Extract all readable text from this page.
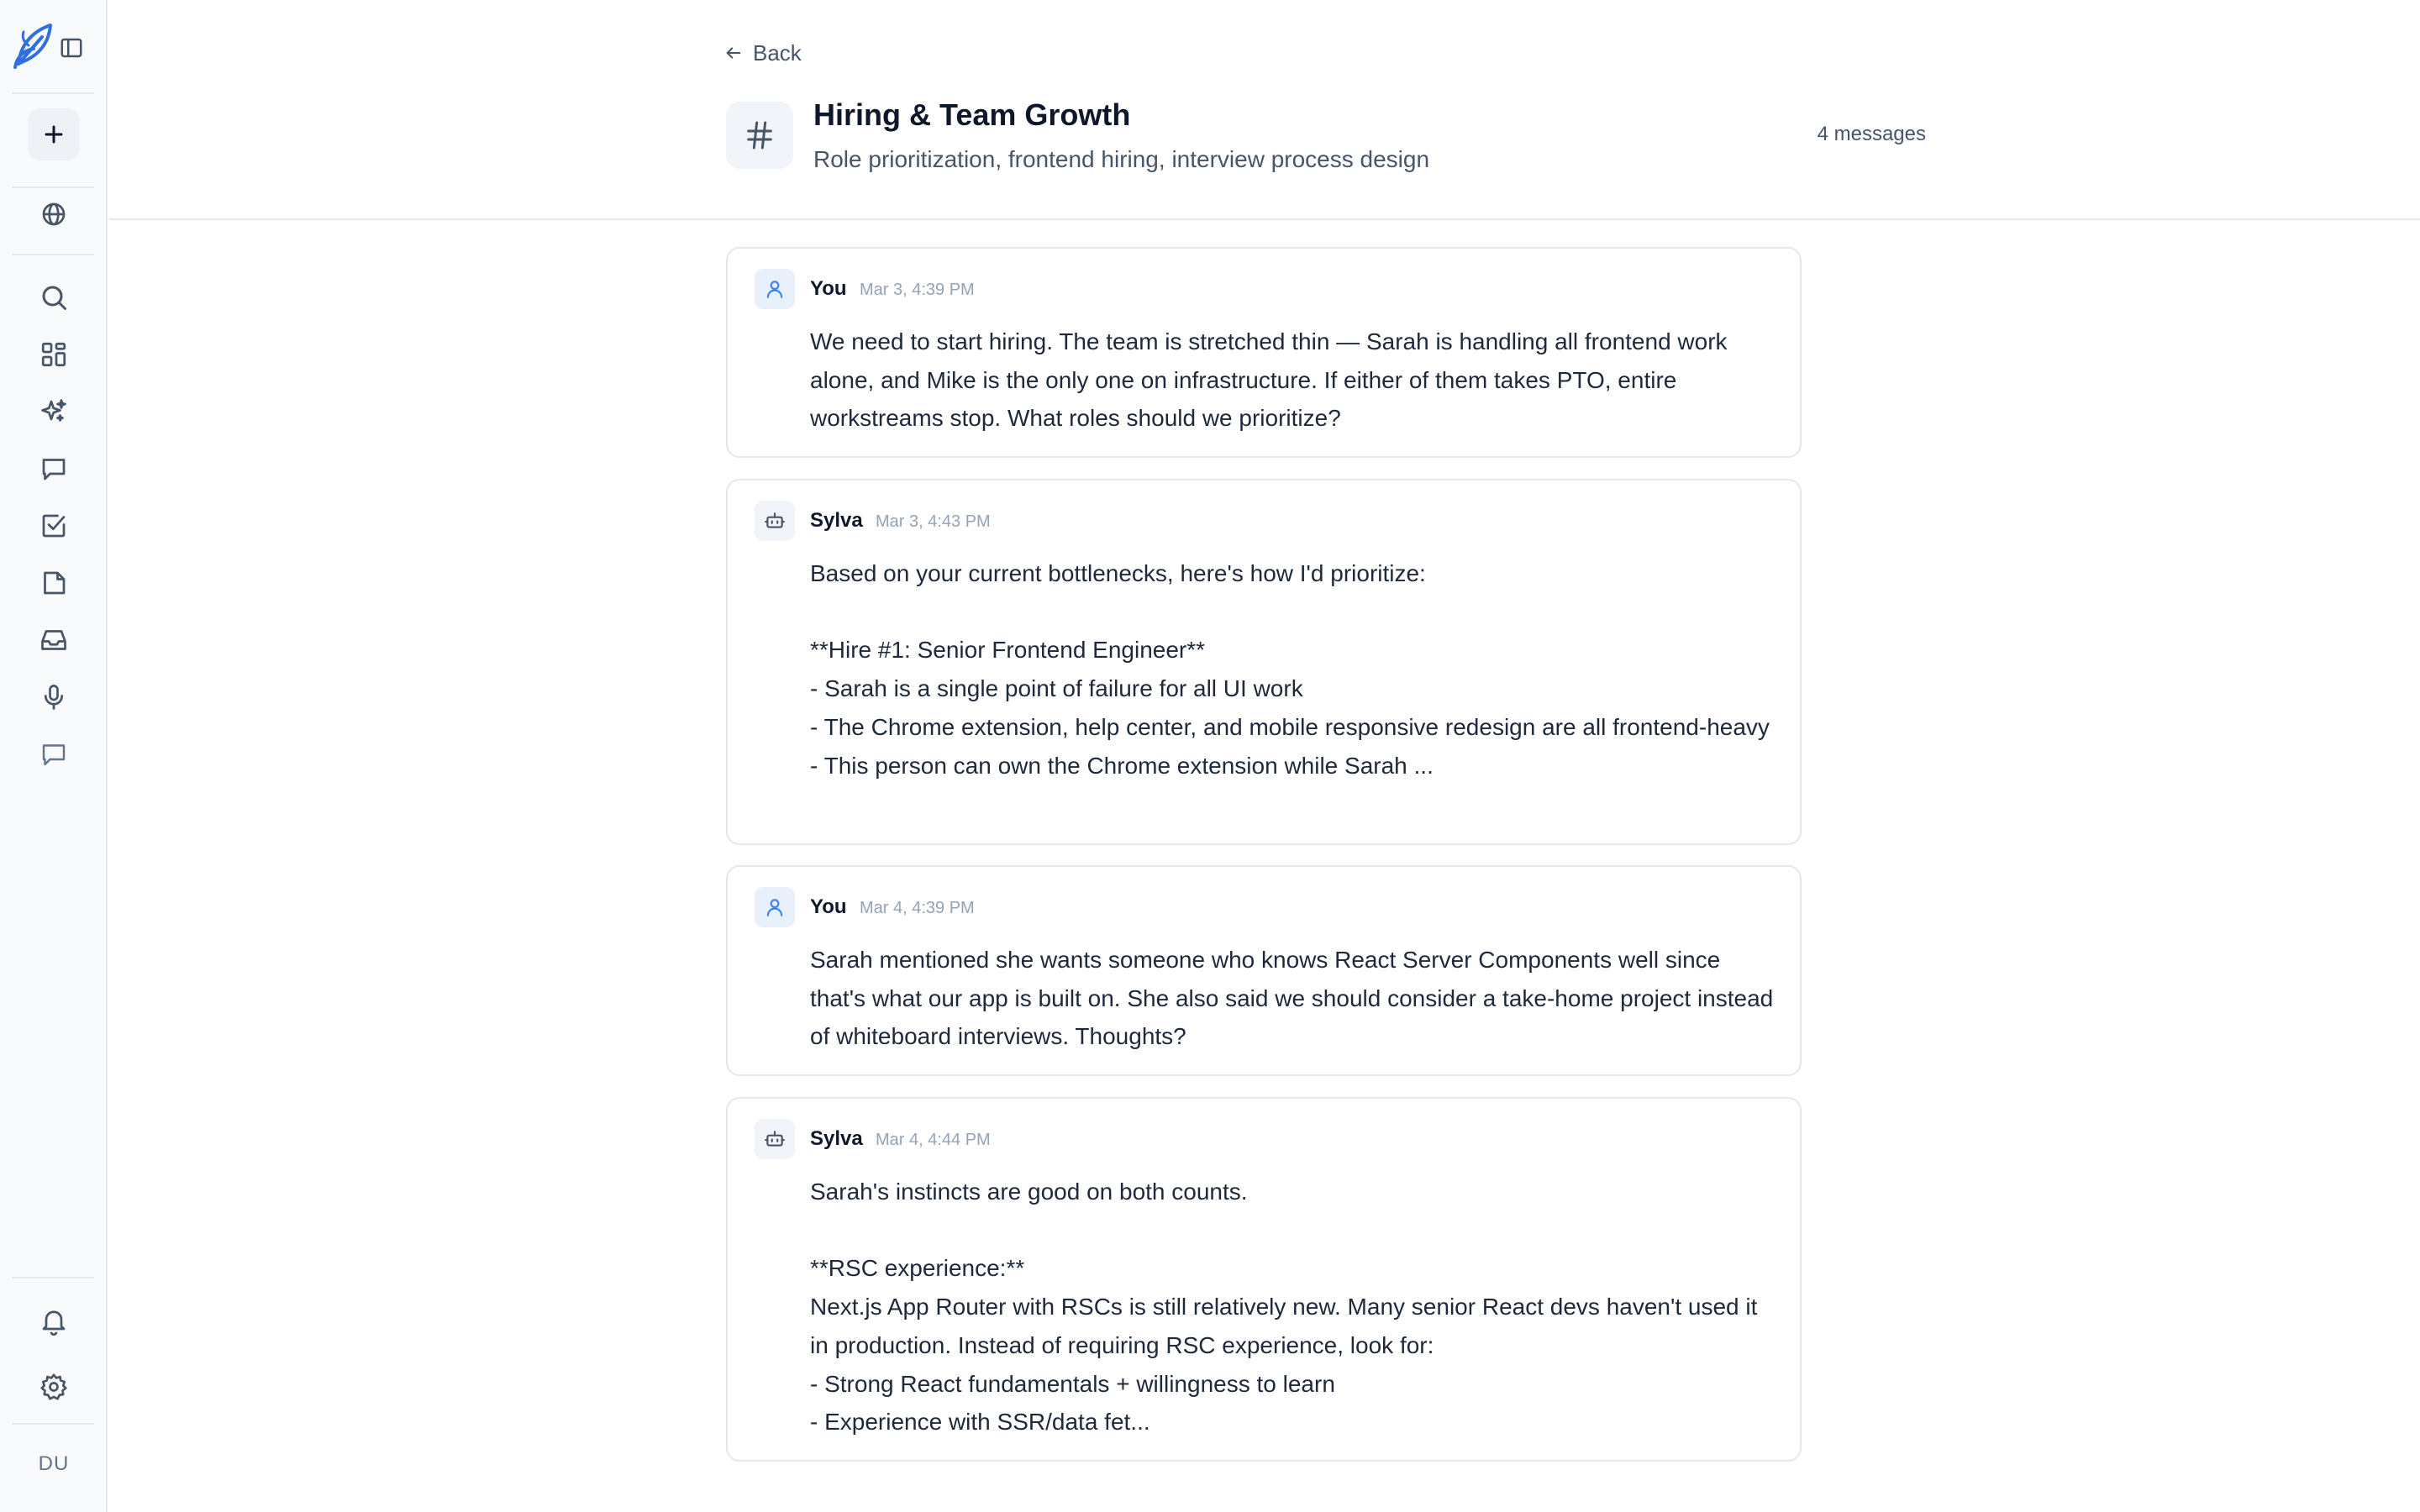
DU
Back
Hiring & Team Growth
Role prioritization, frontend hiring, interview process design
4 messages
You Mar 3, 4:39 PM
We need to start hiring. The team is stretched thin — Sarah is handling all frontend work alone, and Mike is the only one on infrastructure. If either of them takes PTO, entire workstreams stop. What roles should we prioritize?
Sylva Mar 3, 4:43 PM
Based on your current bottlenecks, here's how I'd prioritize:

**Hire #1: Senior Frontend Engineer**
- Sarah is a single point of failure for all UI work
- The Chrome extension, help center, and mobile responsive redesign are all frontend-heavy
- This person can own the Chrome extension while Sarah ...
You Mar 4, 4:39 PM
Sarah mentioned she wants someone who knows React Server Components well since that's what our app is built on. She also said we should consider a take-home project instead of whiteboard interviews. Thoughts?
Sylva Mar 4, 4:44 PM
Sarah's instincts are good on both counts.

**RSC experience:**
Next.js App Router with RSCs is still relatively new. Many senior React devs haven't used it in production. Instead of requiring RSC experience, look for:
- Strong React fundamentals + willingness to learn
- Experience with SSR/data fet...
